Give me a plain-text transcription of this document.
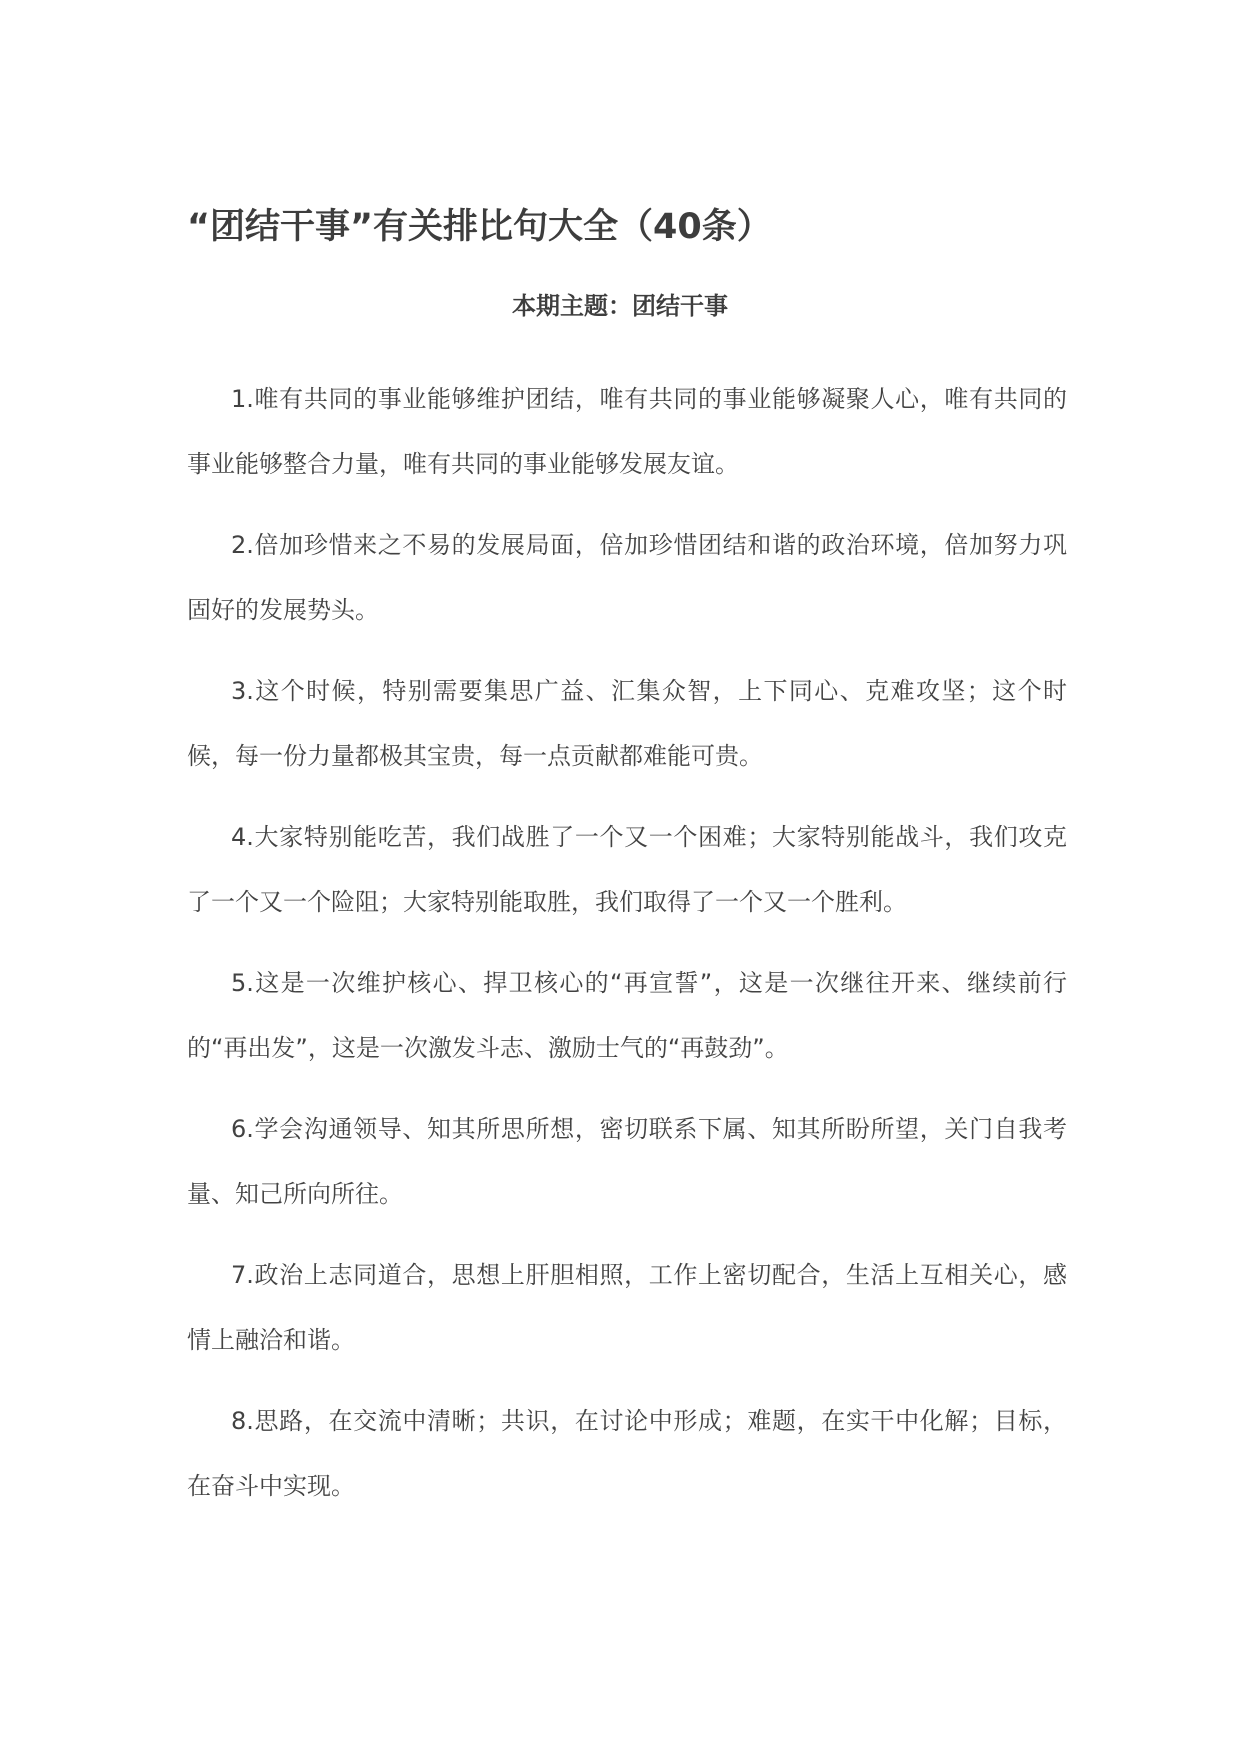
“团结干事”有关排比句大全（40条）

本期主题：团结干事

1.唯有共同的事业能够维护团结，唯有共同的事业能够凝聚人心，唯有共同的事业能够整合力量，唯有共同的事业能够发展友谊。
2.倍加珍惜来之不易的发展局面，倍加珍惜团结和谐的政治环境，倍加努力巩固好的发展势头。
3.这个时候，特别需要集思广益、汇集众智，上下同心、克难攻坚；这个时候，每一份力量都极其宝贵，每一点贡献都难能可贵。
4.大家特别能吃苦，我们战胜了一个又一个困难；大家特别能战斗，我们攻克了一个又一个险阻；大家特别能取胜，我们取得了一个又一个胜利。
5.这是一次维护核心、捍卫核心的“再宣誓”，这是一次继往开来、继续前行的“再出发”，这是一次激发斗志、激励士气的“再鼓劲”。
6.学会沟通领导、知其所思所想，密切联系下属、知其所盼所望，关门自我考量、知己所向所往。
7.政治上志同道合，思想上肝胆相照，工作上密切配合，生活上互相关心，感情上融洽和谐。
8.思路，在交流中清晰；共识，在讨论中形成；难题，在实干中化解；目标，在奋斗中实现。
